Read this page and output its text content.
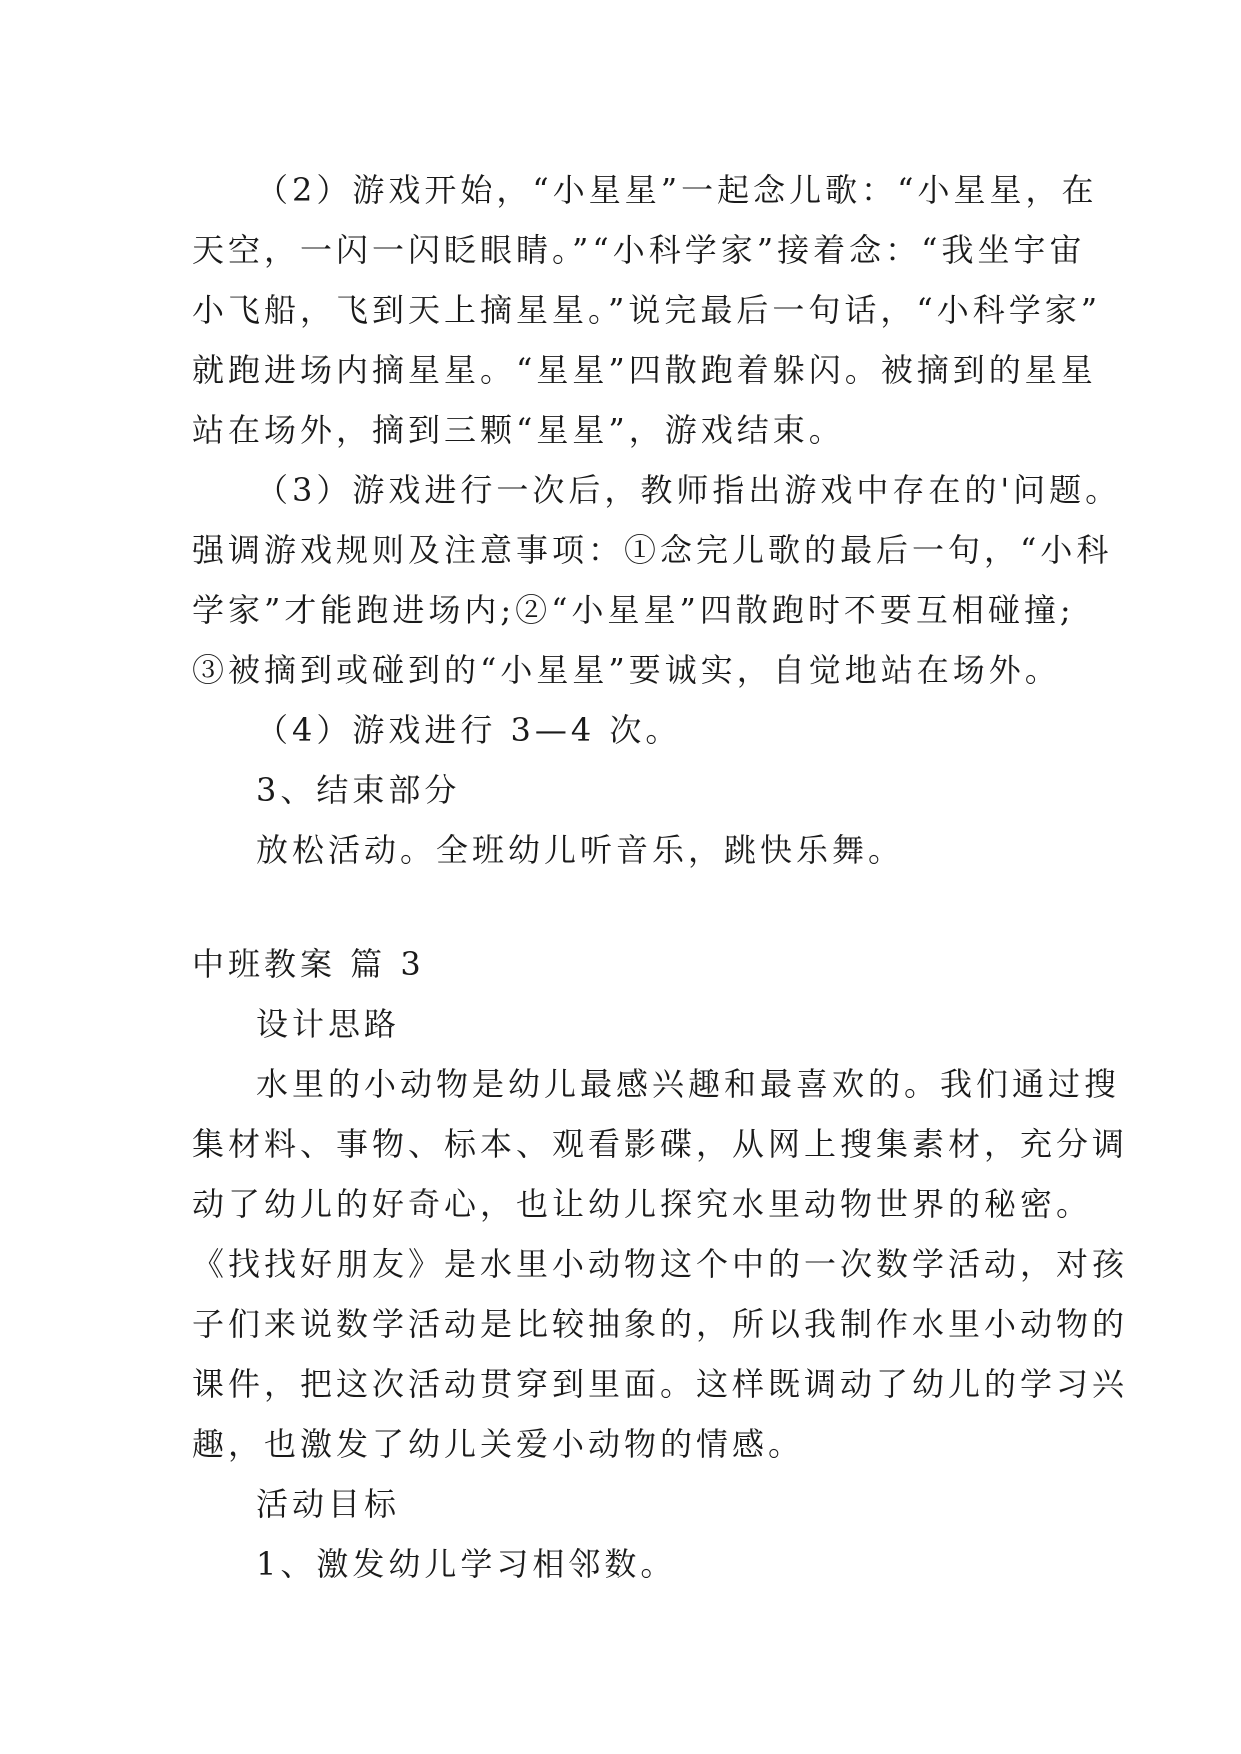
（2）游戏开始，“小星星”一起念儿歌：“小星星，在
天空，一闪一闪眨眼睛。”“小科学家”接着念：“我坐宇宙
小飞船，飞到天上摘星星。”说完最后一句话，“小科学家”
就跑进场内摘星星。“星星”四散跑着躲闪。被摘到的星星
站在场外，摘到三颗“星星”，游戏结束。
（3）游戏进行一次后，教师指出游戏中存在的'问题。
强调游戏规则及注意事项：①念完儿歌的最后一句，“小科
学家”才能跑进场内;②“小星星”四散跑时不要互相碰撞;
③被摘到或碰到的“小星星”要诚实，自觉地站在场外。
（4）游戏进行 3—4 次。
3、结束部分
放松活动。全班幼儿听音乐，跳快乐舞。
中班教案 篇 3
设计思路
水里的小动物是幼儿最感兴趣和最喜欢的。我们通过搜
集材料、事物、标本、观看影碟，从网上搜集素材，充分调
动了幼儿的好奇心，也让幼儿探究水里动物世界的秘密。
《找找好朋友》是水里小动物这个中的一次数学活动，对孩
子们来说数学活动是比较抽象的，所以我制作水里小动物的
课件，把这次活动贯穿到里面。这样既调动了幼儿的学习兴
趣，也激发了幼儿关爱小动物的情感。
活动目标
1、激发幼儿学习相邻数。
